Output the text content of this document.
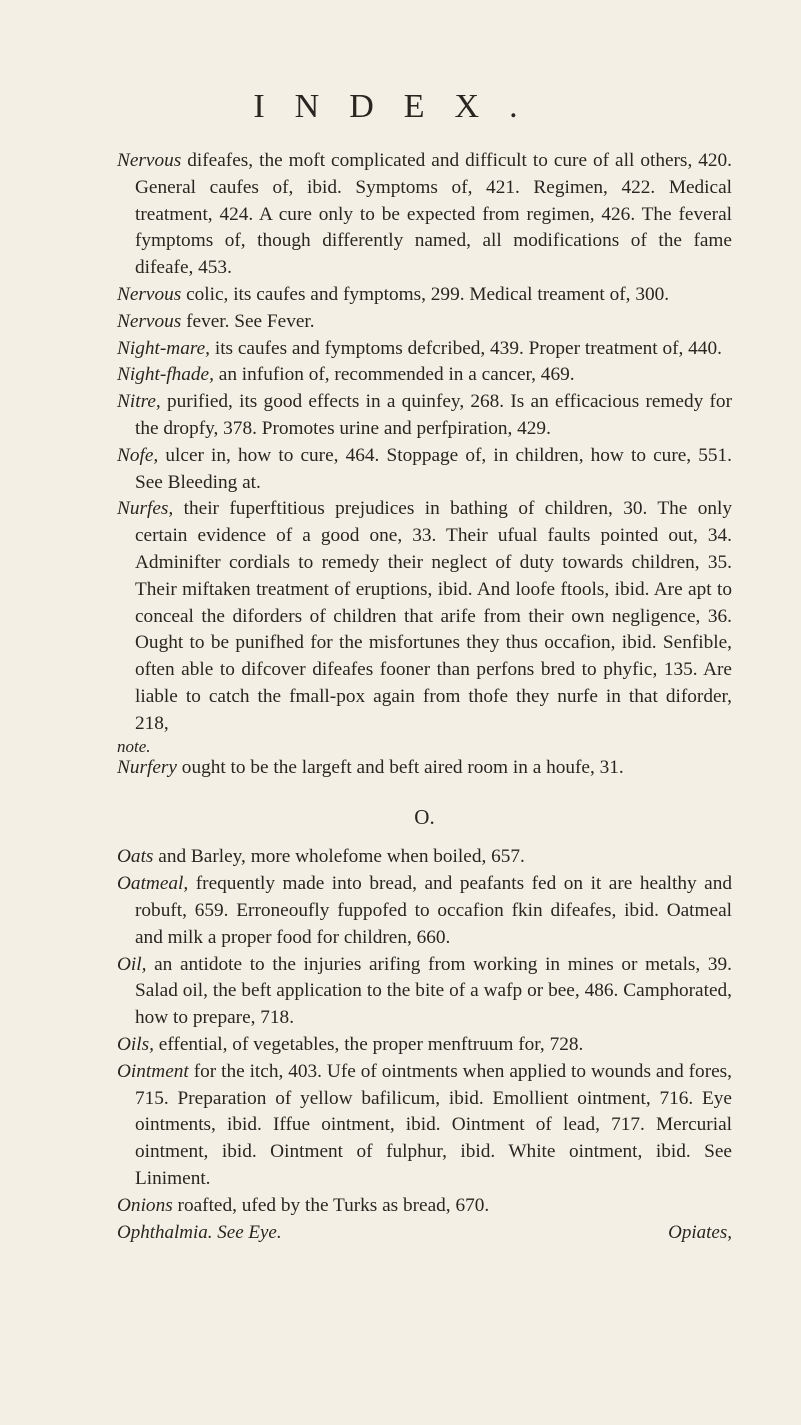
INDEX.

Nervous difeafes, the moft complicated and difficult to cure of all others, 420. General caufes of, ibid. Symptoms of, 421. Regimen, 422. Medical treatment, 424. A cure only to be expected from regimen, 426. The feveral fymptoms of, though differently named, all modifications of the fame difeafe, 453.

Nervous colic, its caufes and fymptoms, 299. Medical treament of, 300.

Nervous fever. See Fever.

Night-mare, its caufes and fymptoms defcribed, 439. Proper treatment of, 440.

Night-fhade, an infufion of, recommended in a cancer, 469.

Nitre, purified, its good effects in a quinfey, 268. Is an efficacious remedy for the dropfy, 378. Promotes urine and perfpiration, 429.

Nofe, ulcer in, how to cure, 464. Stoppage of, in children, how to cure, 551. See Bleeding at.

Nurfes, their fuperftitious prejudices in bathing of children, 30. The only certain evidence of a good one, 33. Their ufual faults pointed out, 34. Adminifter cordials to remedy their neglect of duty towards children, 35. Their miftaken treatment of eruptions, ibid. And loofe ftools, ibid. Are apt to conceal the diforders of children that arife from their own negligence, 36. Ought to be punifhed for the misfortunes they thus occafion, ibid. Senfible, often able to difcover difeafes fooner than perfons bred to phyfic, 135. Are liable to catch the fmall-pox again from thofe they nurfe in that diforder, 218,

note.

Nurfery ought to be the largeft and beft aired room in a houfe, 31.

O.

Oats and Barley, more wholefome when boiled, 657.

Oatmeal, frequently made into bread, and peafants fed on it are healthy and robuft, 659. Erroneoufly fuppofed to occafion fkin difeafes, ibid. Oatmeal and milk a proper food for children, 660.

Oil, an antidote to the injuries arifing from working in mines or metals, 39. Salad oil, the beft application to the bite of a wafp or bee, 486. Camphorated, how to prepare, 718.

Oils, effential, of vegetables, the proper menftruum for, 728.

Ointment for the itch, 403. Ufe of ointments when applied to wounds and fores, 715. Preparation of yellow bafilicum, ibid. Emollient ointment, 716. Eye ointments, ibid. Iffue ointment, ibid. Ointment of lead, 717. Mercurial ointment, ibid. Ointment of fulphur, ibid. White ointment, ibid. See Liniment.

Onions roafted, ufed by the Turks as bread, 670.

Ophthalmia. See Eye.	Opiates,
